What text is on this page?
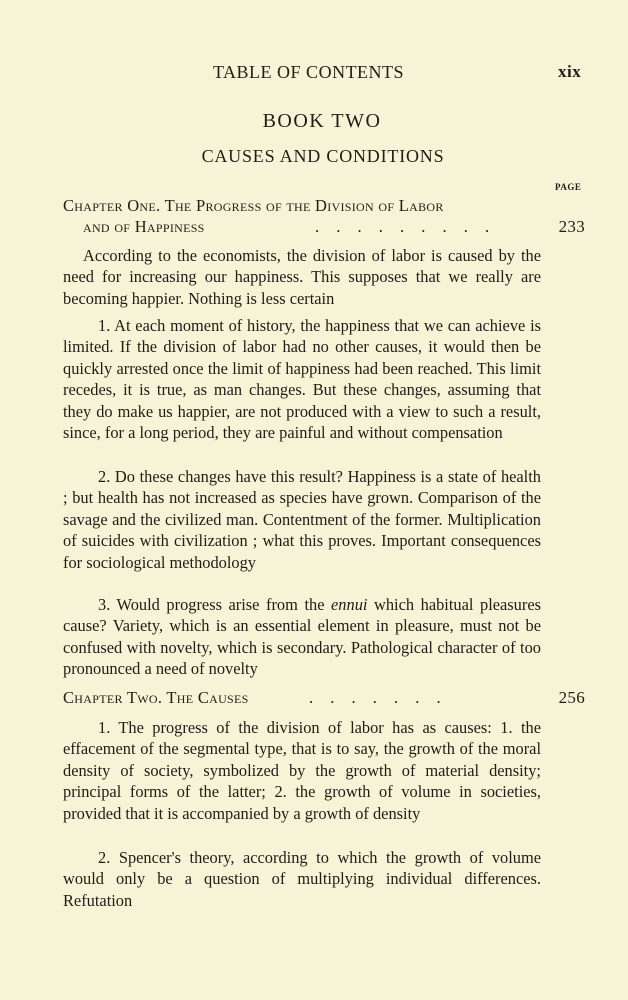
TABLE OF CONTENTS	xix
BOOK TWO
CAUSES AND CONDITIONS
PAGE
Chapter One. The Progress of the Division of Labor
and of Happiness	. . . . . . . . .	233

According to the economists, the division of labor is caused by the need for increasing our happiness. This supposes that we really are becoming happier. Nothing is less certain

1. At each moment of history, the happiness that we can achieve is limited. If the division of labor had no other causes, it would then be quickly arrested once the limit of happiness had been reached. This limit recedes, it is true, as man changes. But these changes, assuming that they do make us happier, are not produced with a view to such a result, since, for a long period, they are painful and without compensation

2. Do these changes have this result? Happiness is a state of health ; but health has not increased as species have grown. Comparison of the savage and the civilized man. Contentment of the former. Multiplication of suicides with civilization ; what this proves. Important consequences for sociological methodology

3. Would progress arise from the ennui which habitual pleasures cause? Variety, which is an essential element in pleasure, must not be confused with novelty, which is secondary. Pathological character of too pronounced a need of novelty

Chapter Two. The Causes	. . . . . . .	256

1. The progress of the division of labor has as causes: 1. the effacement of the segmental type, that is to say, the growth of the moral density of society, symbolized by the growth of material density; principal forms of the latter; 2. the growth of volume in societies, provided that it is accompanied by a growth of density

2. Spencer's theory, according to which the growth of volume would only be a question of multiplying individual differences. Refutation
